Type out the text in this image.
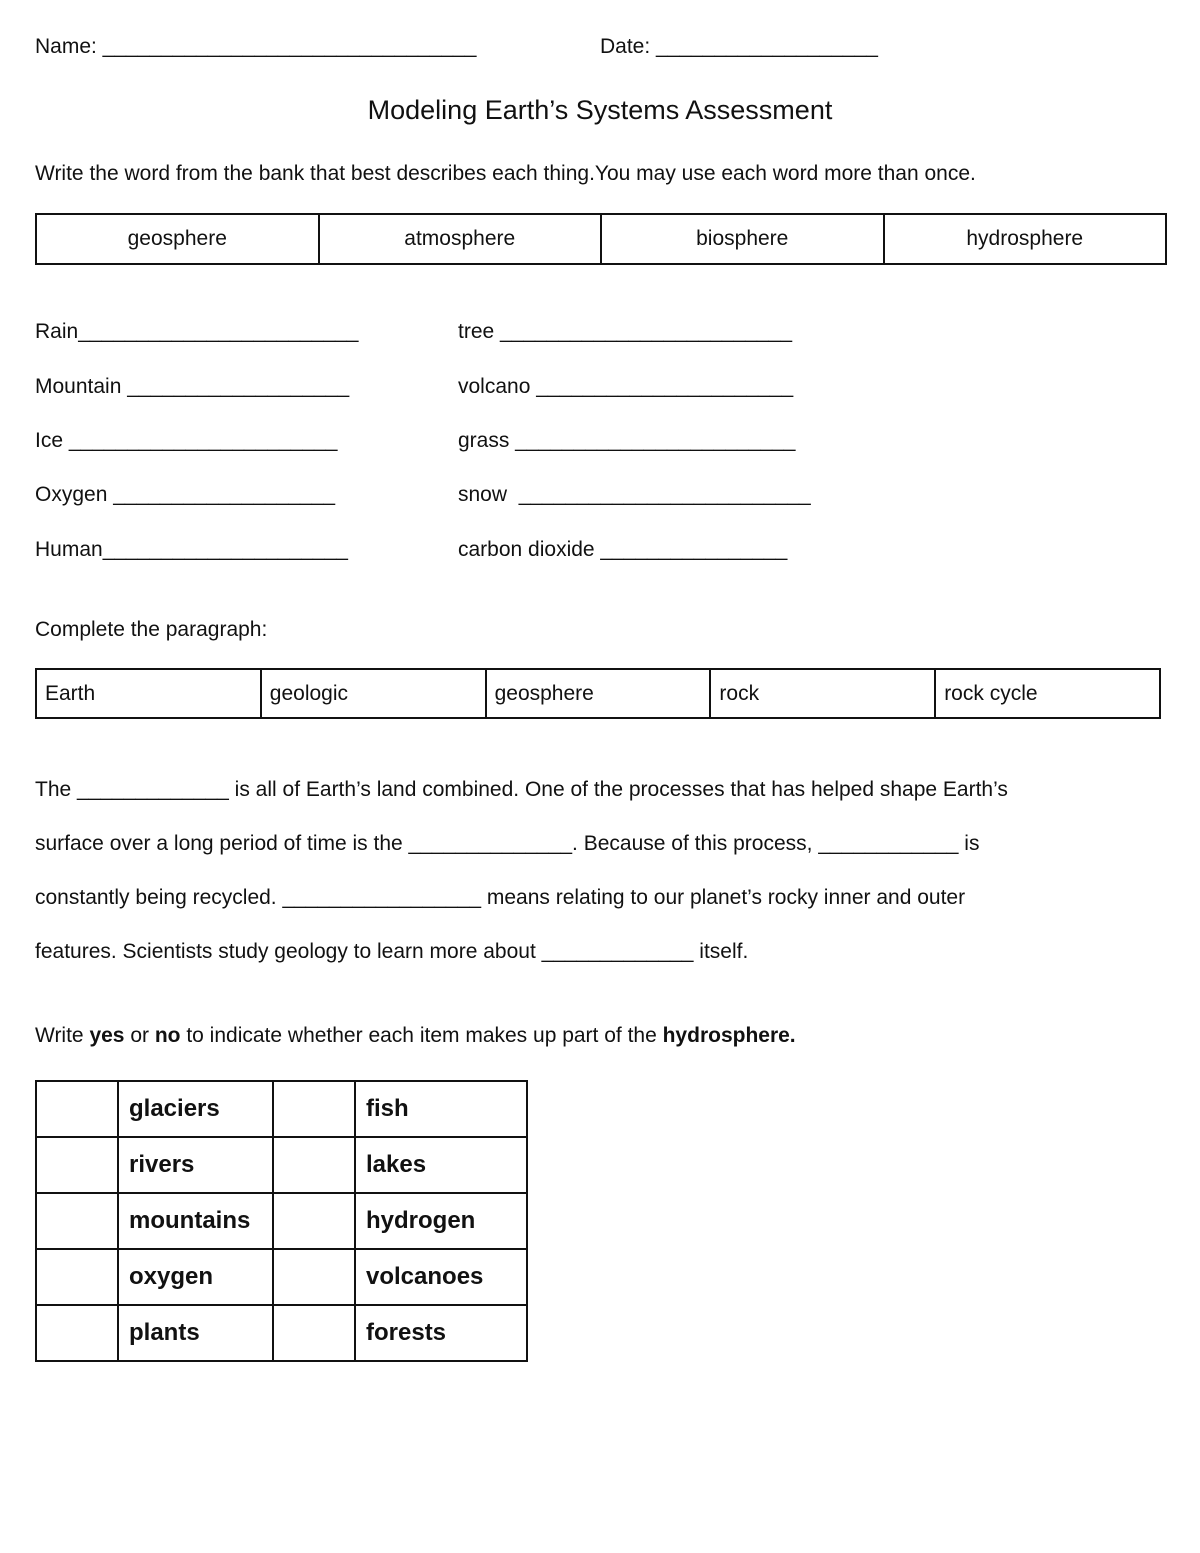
Name: ________________________________	Date: ___________________
Modeling Earth’s Systems Assessment
Write the word from the bank that best describes each thing.You may use each word more than once.
geosphere	atmosphere	biosphere	hydrosphere
Rain________________________
Mountain ___________________
Ice _______________________
Oxygen ___________________
Human_____________________
tree _________________________
volcano ______________________
grass ________________________
snow  _________________________
carbon dioxide ________________
Complete the paragraph:
Earth	geologic	geosphere	rock	rock cycle
The _____________ is all of Earth’s land combined. One of the processes that has helped shape Earth’s
surface over a long period of time is the ______________. Because of this process, ____________ is
constantly being recycled. _________________ means relating to our planet’s rocky inner and outer
features. Scientists study geology to learn more about _____________ itself.
Write yes or no to indicate whether each item makes up part of the hydrosphere.
	glaciers		fish
	rivers		lakes
	mountains		hydrogen
	oxygen		volcanoes
	plants		forests
